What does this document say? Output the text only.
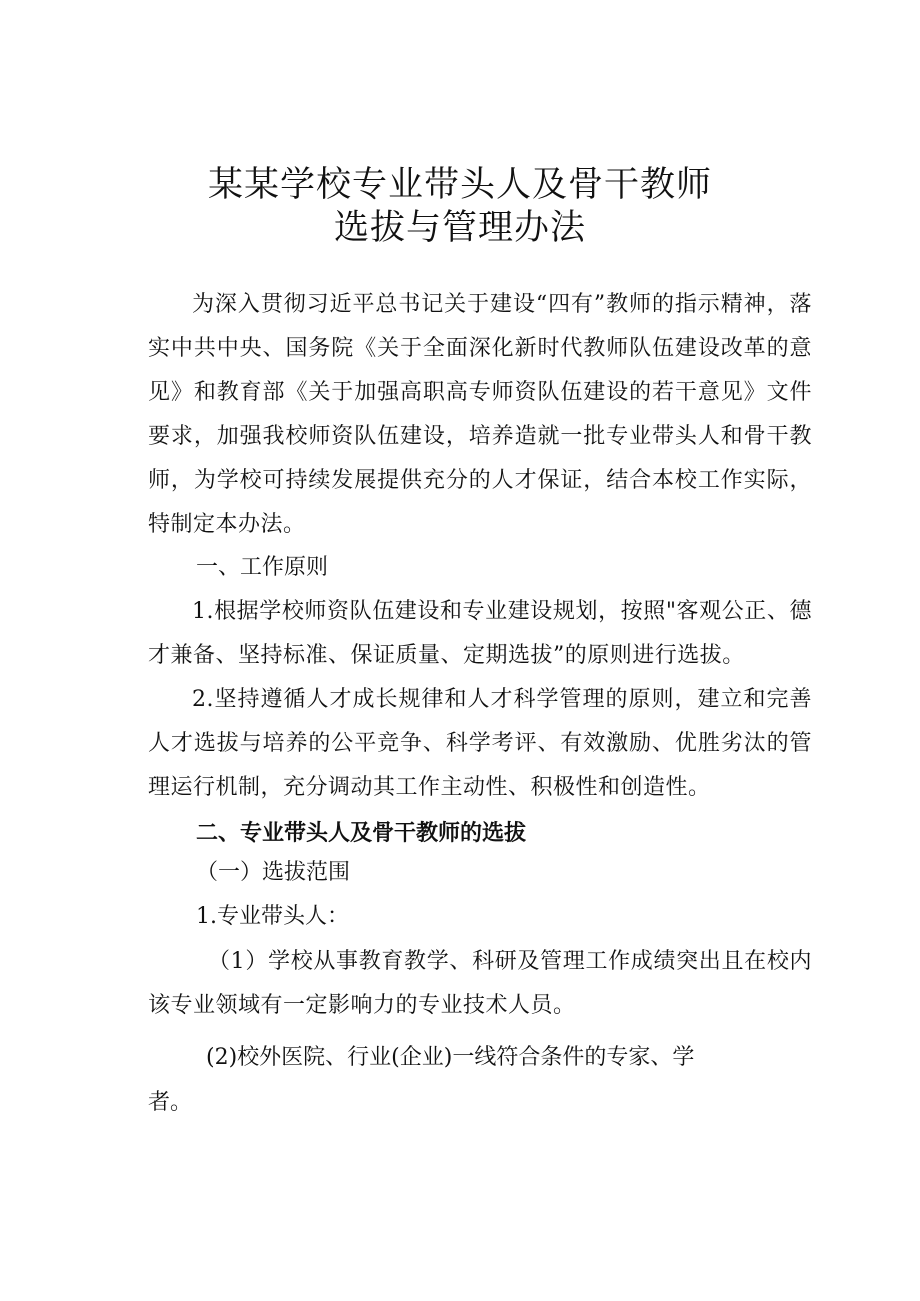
某某学校专业带头人及骨干教师
选拔与管理办法
为深入贯彻习近平总书记关于建设“四有”教师的指示精神，落实中共中央、国务院《关于全面深化新时代教师队伍建设改革的意见》和教育部《关于加强高职高专师资队伍建设的若干意见》文件要求，加强我校师资队伍建设，培养造就一批专业带头人和骨干教师，为学校可持续发展提供充分的人才保证，结合本校工作实际，特制定本办法。
一、工作原则
1.根据学校师资队伍建设和专业建设规划，按照"客观公正、德才兼备、坚持标准、保证质量、定期选拔”的原则进行选拔。
2.坚持遵循人才成长规律和人才科学管理的原则，建立和完善人才选拔与培养的公平竞争、科学考评、有效激励、优胜劣汰的管理运行机制，充分调动其工作主动性、积极性和创造性。
二、专业带头人及骨干教师的选拔
（一）选拔范围
1.专业带头人：
（1）学校从事教育教学、科研及管理工作成绩突出且在校内该专业领域有一定影响力的专业技术人员。
(2)校外医院、行业(企业)一线符合条件的专家、学
者。
